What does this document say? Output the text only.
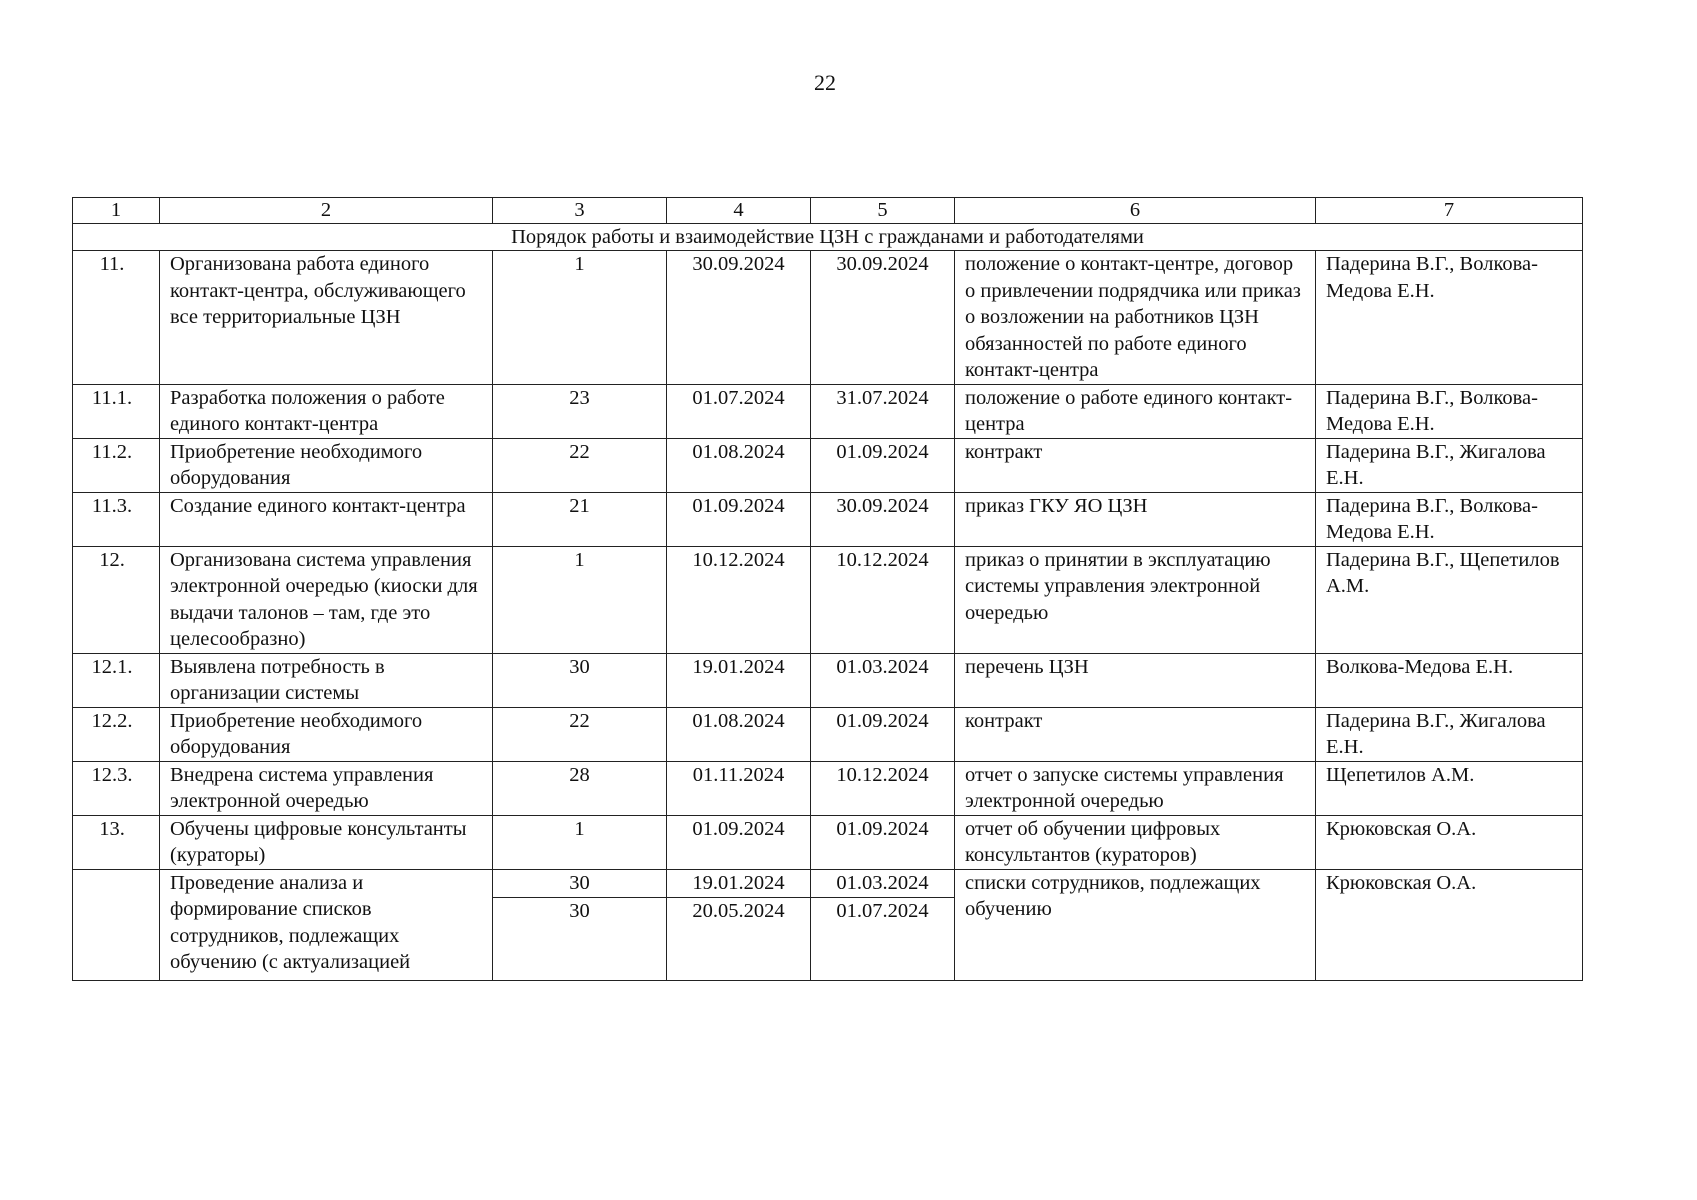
22
1	2	3	4	5	6	7
Порядок работы и взаимодействие ЦЗН с гражданами и работодателями						
11.	Организована работа единого контакт-центра, обслуживающего все территориальные ЦЗН	1	30.09.2024	30.09.2024	положение о контакт-центре, договор о привлечении подрядчика или приказ о возложении на работников ЦЗН обязанностей по работе единого контакт-центра	Падерина В.Г., Волкова-Медова Е.Н.
11.1.	Разработка положения о работе единого контакт-центра	23	01.07.2024	31.07.2024	положение о работе единого контакт-центра	Падерина В.Г., Волкова-Медова Е.Н.
11.2.	Приобретение необходимого оборудования	22	01.08.2024	01.09.2024	контракт	Падерина В.Г., Жигалова Е.Н.
11.3.	Создание единого контакт-центра	21	01.09.2024	30.09.2024	приказ ГКУ ЯО ЦЗН	Падерина В.Г., Волкова-Медова Е.Н.
12.	Организована система управления электронной очередью (киоски для выдачи талонов – там, где это целесообразно)	1	10.12.2024	10.12.2024	приказ о принятии в эксплуатацию системы управления электронной очередью	Падерина В.Г., Щепетилов А.М.
12.1.	Выявлена потребность в организации системы	30	19.01.2024	01.03.2024	перечень ЦЗН	Волкова-Медова Е.Н.
12.2.	Приобретение необходимого оборудования	22	01.08.2024	01.09.2024	контракт	Падерина В.Г., Жигалова Е.Н.
12.3.	Внедрена система управления электронной очередью	28	01.11.2024	10.12.2024	отчет о запуске системы управления электронной очередью	Щепетилов А.М.
13.	Обучены цифровые консультанты (кураторы)	1	01.09.2024	01.09.2024	отчет об обучении цифровых консультантов (кураторов)	Крюковская О.А.
	Проведение анализа и формирование списков сотрудников, подлежащих обучению (с актуализацией	30	19.01.2024	01.03.2024	списки сотрудников, подлежащих обучению	Крюковская О.А.
		30	20.05.2024	01.07.2024		
